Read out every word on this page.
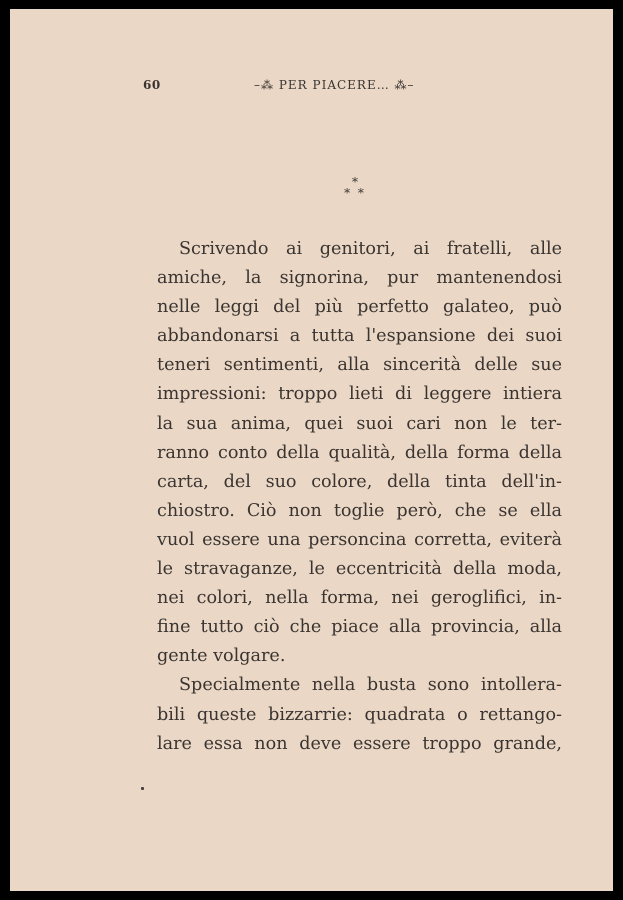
60	–⁂ PER PIACERE… ⁂–
*
* *
Scrivendo ai genitori, ai fratelli, alle
amiche, la signorina, pur mantenendosi
nelle leggi del più perfetto galateo, può
abbandonarsi a tutta l'espansione dei suoi
teneri sentimenti, alla sincerità delle sue
impressioni: troppo lieti di leggere intiera
la sua anima, quei suoi cari non le ter-
ranno conto della qualità, della forma della
carta, del suo colore, della tinta dell'in-
chiostro. Ciò non toglie però, che se ella
vuol essere una personcina corretta, eviterà
le stravaganze, le eccentricità della moda,
nei colori, nella forma, nei geroglifici, in-
fine tutto ciò che piace alla provincia, alla
gente volgare.
Specialmente nella busta sono intollera-
bili queste bizzarrie: quadrata o rettango-
lare essa non deve essere troppo grande,
